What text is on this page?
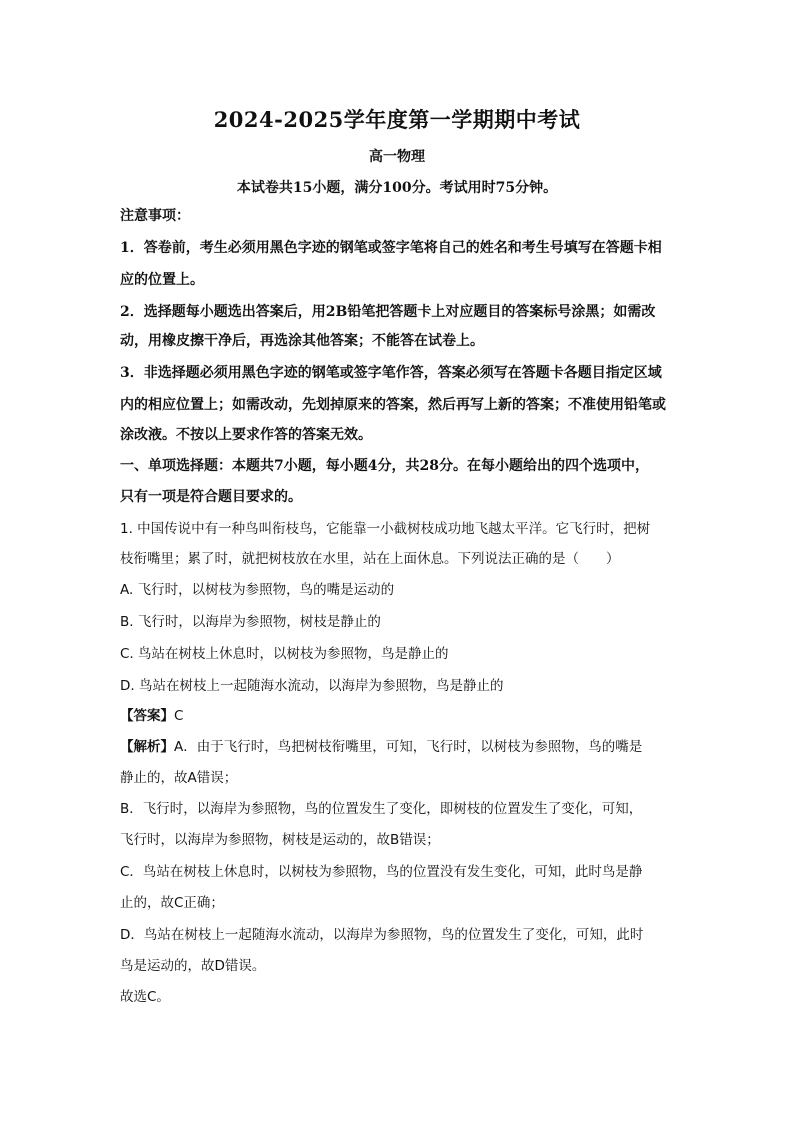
2024-2025学年度第一学期期中考试
高一物理
本试卷共15小题，满分100分。考试用时75分钟。
注意事项：
1．答卷前，考生必须用黑色字迹的钢笔或签字笔将自己的姓名和考生号填写在答题卡相
应的位置上。
2．选择题每小题选出答案后，用2B铅笔把答题卡上对应题目的答案标号涂黑；如需改
动，用橡皮擦干净后，再选涂其他答案；不能答在试卷上。
3．非选择题必须用黑色字迹的钢笔或签字笔作答，答案必须写在答题卡各题目指定区域
内的相应位置上；如需改动，先划掉原来的答案，然后再写上新的答案；不准使用铅笔或
涂改液。不按以上要求作答的答案无效。
一、单项选择题：本题共7小题，每小题4分，共28分。在每小题给出的四个选项中，
只有一项是符合题目要求的。
1. 中国传说中有一种鸟叫衔枝鸟，它能靠一小截树枝成功地飞越太平洋。它飞行时，把树
枝衔嘴里；累了时，就把树枝放在水里，站在上面休息。下列说法正确的是（　　）
A. 飞行时，以树枝为参照物，鸟的嘴是运动的
B. 飞行时，以海岸为参照物，树枝是静止的
C. 鸟站在树枝上休息时，以树枝为参照物，鸟是静止的
D. 鸟站在树枝上一起随海水流动，以海岸为参照物，鸟是静止的
【答案】C
【解析】A．由于飞行时，鸟把树枝衔嘴里，可知，飞行时，以树枝为参照物，鸟的嘴是
静止的，故A错误；
B．飞行时，以海岸为参照物，鸟的位置发生了变化，即树枝的位置发生了变化，可知，
飞行时，以海岸为参照物，树枝是运动的，故B错误；
C．鸟站在树枝上休息时，以树枝为参照物，鸟的位置没有发生变化，可知，此时鸟是静
止的，故C正确；
D．鸟站在树枝上一起随海水流动，以海岸为参照物，鸟的位置发生了变化，可知，此时
鸟是运动的，故D错误。
故选C。
